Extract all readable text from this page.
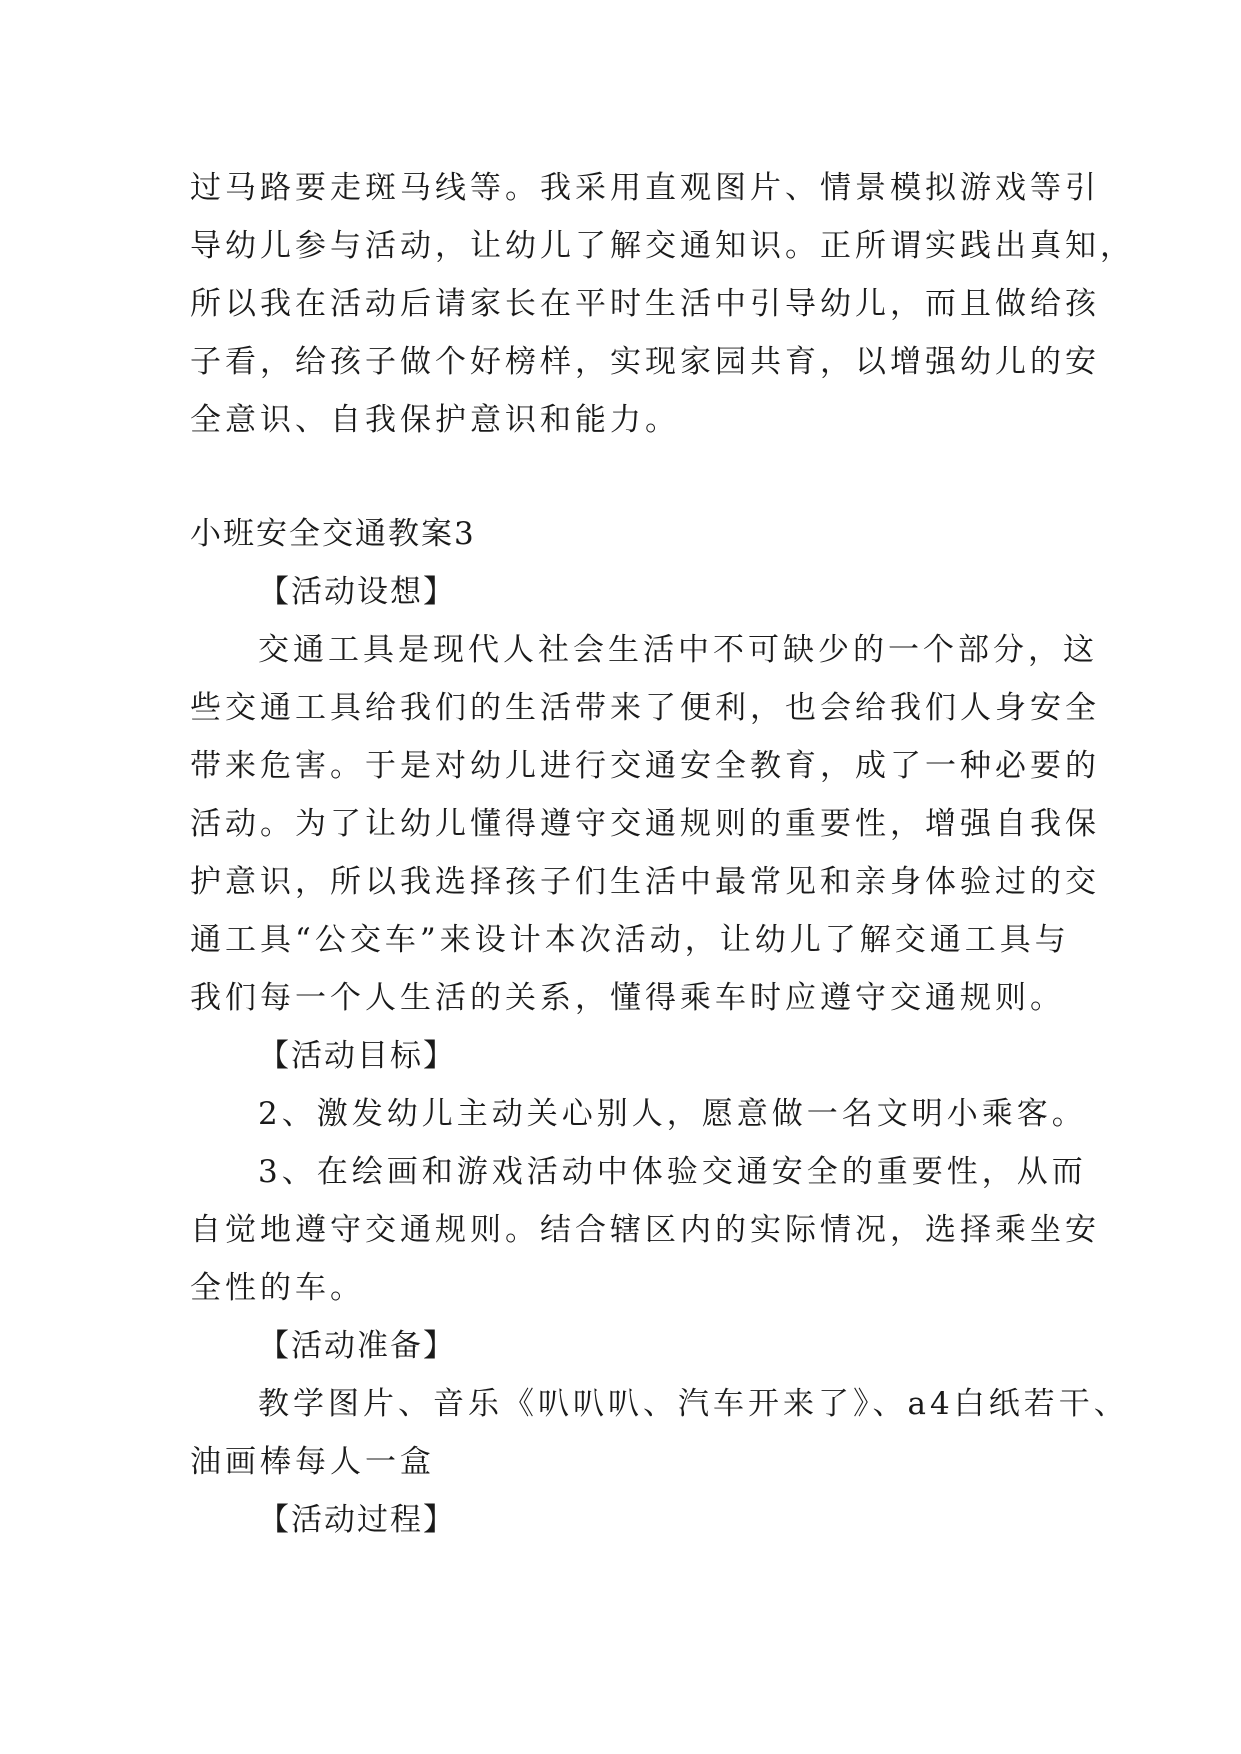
过马路要走斑马线等。我采用直观图片、情景模拟游戏等引
导幼儿参与活动，让幼儿了解交通知识。正所谓实践出真知，
所以我在活动后请家长在平时生活中引导幼儿，而且做给孩
子看，给孩子做个好榜样，实现家园共育，以增强幼儿的安
全意识、自我保护意识和能力。
小班安全交通教案3
【活动设想】
交通工具是现代人社会生活中不可缺少的一个部分，这
些交通工具给我们的生活带来了便利，也会给我们人身安全
带来危害。于是对幼儿进行交通安全教育，成了一种必要的
活动。为了让幼儿懂得遵守交通规则的重要性，增强自我保
护意识，所以我选择孩子们生活中最常见和亲身体验过的交
通工具“公交车”来设计本次活动，让幼儿了解交通工具与
我们每一个人生活的关系，懂得乘车时应遵守交通规则。
【活动目标】
2、激发幼儿主动关心别人，愿意做一名文明小乘客。
3、在绘画和游戏活动中体验交通安全的重要性，从而
自觉地遵守交通规则。结合辖区内的实际情况，选择乘坐安
全性的车。
【活动准备】
教学图片、音乐《叭叭叭、汽车开来了》、a4白纸若干、
油画棒每人一盒
【活动过程】
